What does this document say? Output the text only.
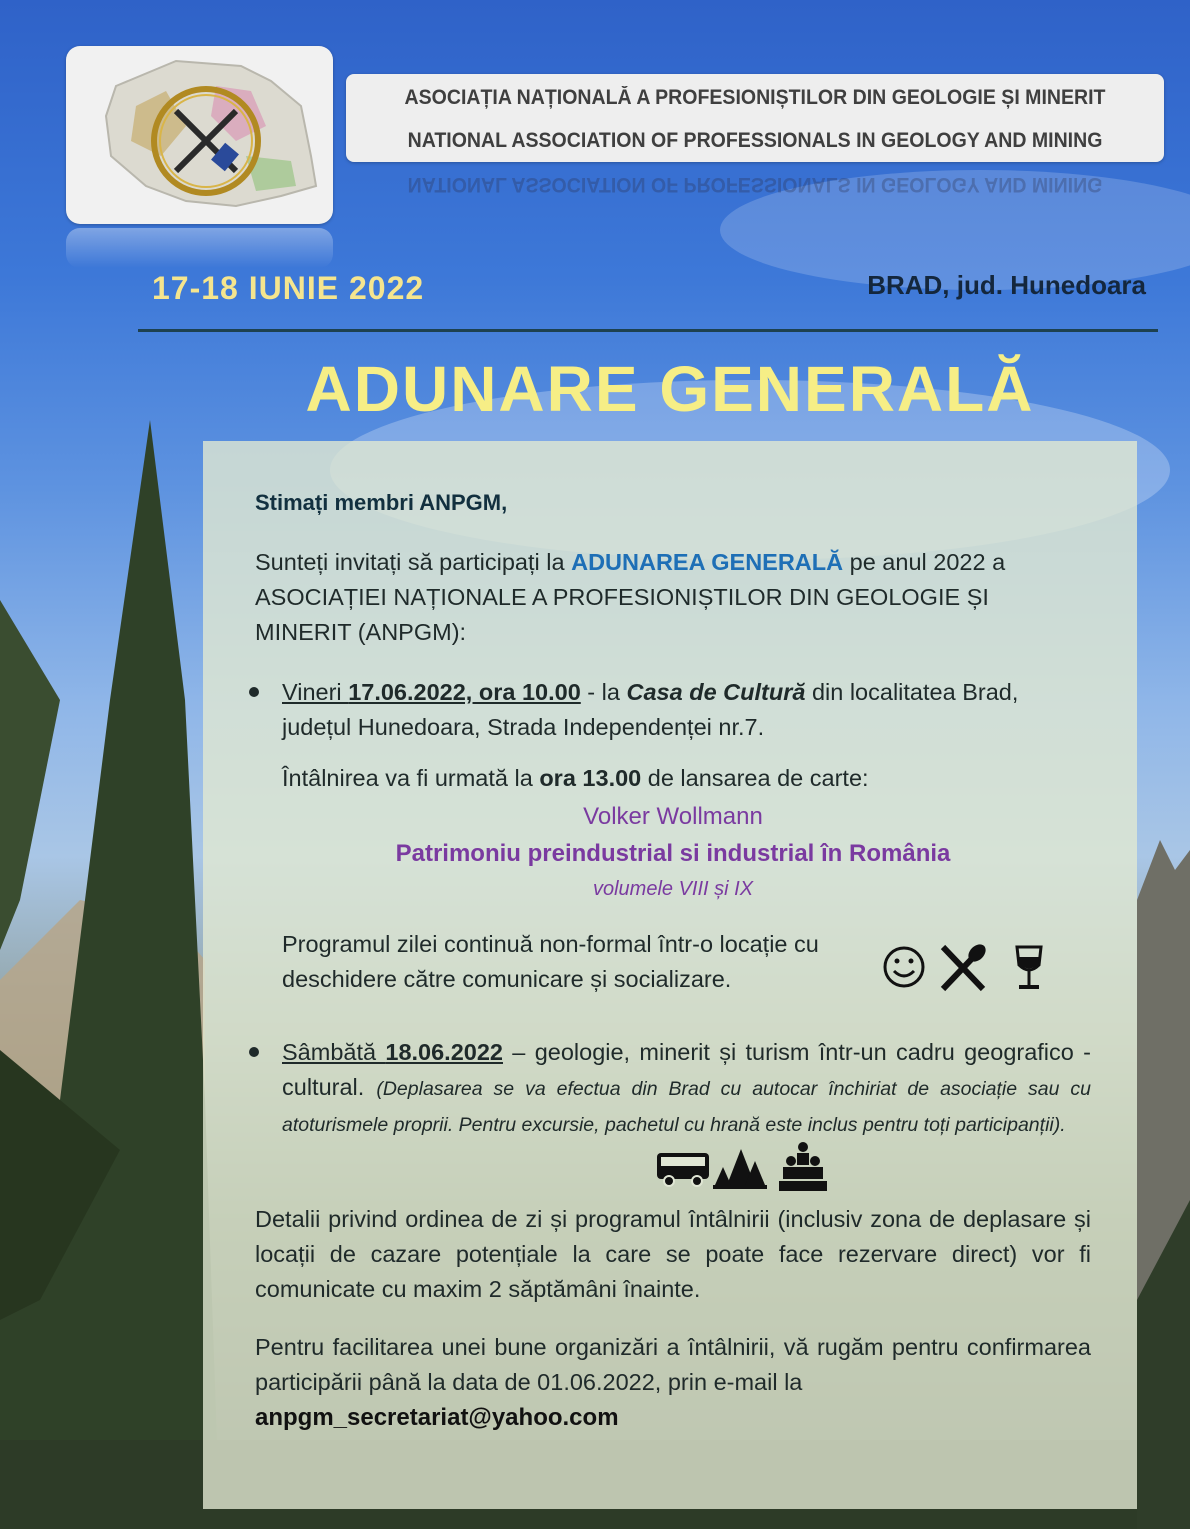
ASOCIAȚIA NAȚIONALĂ A PROFESIONIȘTILOR DIN GEOLOGIE ȘI MINERIT
NATIONAL ASSOCIATION OF PROFESSIONALS IN GEOLOGY AND MINING
NATIONAL ASSOCIATION OF PROFESSIONALS IN GEOLOGY AND MINING
17-18 IUNIE 2022	BRAD, jud. Hunedoara
ADUNARE GENERALĂ

Stimați membri ANPGM,

Sunteți invitați să participați la ADUNAREA GENERALĂ pe anul 2022 a ASOCIAȚIEI NAȚIONALE A PROFESIONIȘTILOR DIN GEOLOGIE ȘI MINERIT (ANPGM):

Vineri 17.06.2022, ora 10.00 - la Casa de Cultură din localitatea Brad, județul Hunedoara, Strada Independenței nr.7.

Întâlnirea va fi urmată la ora 13.00 de lansarea de carte:

Volker Wollmann
Patrimoniu preindustrial si industrial în România
volumele VIII și IX

Programul zilei continuă non-formal într-o locație cu deschidere către comunicare și socializare.

Sâmbătă 18.06.2022 – geologie, minerit și turism într-un cadru geografico - cultural. (Deplasarea se va efectua din Brad cu autocar închiriat de asociație sau cu atoturismele proprii. Pentru excursie, pachetul cu hrană este inclus pentru toți participanții).

Detalii privind ordinea de zi și programul întâlnirii (inclusiv zona de deplasare și locații de cazare potențiale la care se poate face rezervare direct) vor fi comunicate cu maxim 2 săptămâni înainte.

Pentru facilitarea unei bune organizări a întâlnirii, vă rugăm pentru confirmarea participării până la data de 01.06.2022, prin e-mail la
anpgm_secretariat@yahoo.com
